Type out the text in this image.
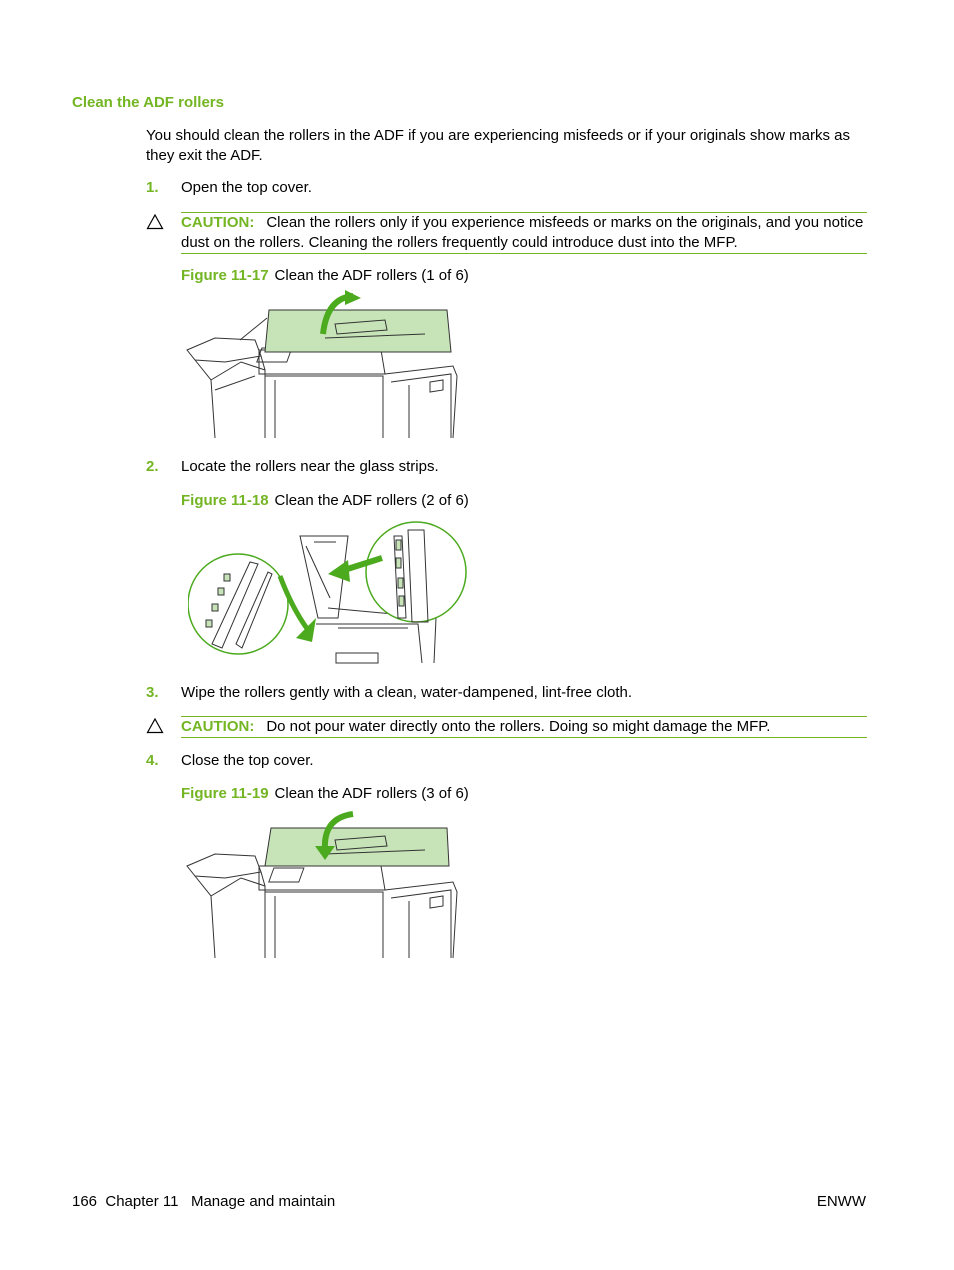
Clean the ADF rollers
You should clean the rollers in the ADF if you are experiencing misfeeds or if your originals show marks as they exit the ADF.
1. Open the top cover.
CAUTION: Clean the rollers only if you experience misfeeds or marks on the originals, and you notice dust on the rollers. Cleaning the rollers frequently could introduce dust into the MFP.
Figure 11-17 Clean the ADF rollers (1 of 6)
2. Locate the rollers near the glass strips.
Figure 11-18 Clean the ADF rollers (2 of 6)
3. Wipe the rollers gently with a clean, water-dampened, lint-free cloth.
CAUTION: Do not pour water directly onto the rollers. Doing so might damage the MFP.
4. Close the top cover.
Figure 11-19 Clean the ADF rollers (3 of 6)
166  Chapter 11   Manage and maintain	ENWW
